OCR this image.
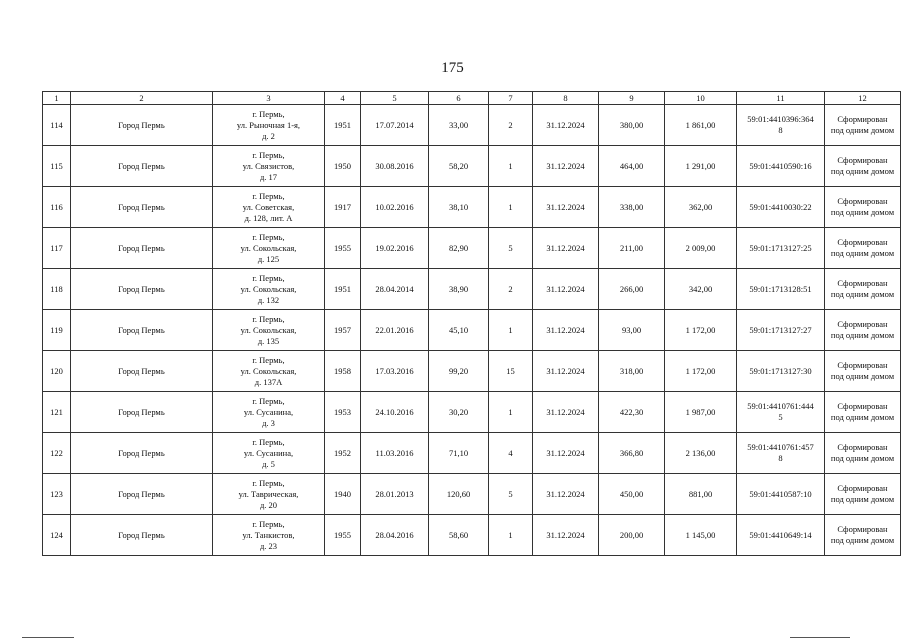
175
1	2	3	4	5	6	7	8	9	10	11	12
114	Город Пермь	г. Пермь,
ул. Рыночная 1-я,
д. 2	1951	17.07.2014	33,00	2	31.12.2024	380,00	1 861,00	59:01:4410396:364
8	Сформирован
под одним домом

115	Город Пермь	г. Пермь,
ул. Связистов,
д. 17	1950	30.08.2016	58,20	1	31.12.2024	464,00	1 291,00	59:01:4410590:16	Сформирован
под одним домом

116	Город Пермь	г. Пермь,
ул. Советская,
д. 128, лит. А	1917	10.02.2016	38,10	1	31.12.2024	338,00	362,00	59:01:4410030:22	Сформирован
под одним домом

117	Город Пермь	г. Пермь,
ул. Сокольская,
д. 125	1955	19.02.2016	82,90	5	31.12.2024	211,00	2 009,00	59:01:1713127:25	Сформирован
под одним домом

118	Город Пермь	г. Пермь,
ул. Сокольская,
д. 132	1951	28.04.2014	38,90	2	31.12.2024	266,00	342,00	59:01:1713128:51	Сформирован
под одним домом

119	Город Пермь	г. Пермь,
ул. Сокольская,
д. 135	1957	22.01.2016	45,10	1	31.12.2024	93,00	1 172,00	59:01:1713127:27	Сформирован
под одним домом

120	Город Пермь	г. Пермь,
ул. Сокольская,
д. 137А	1958	17.03.2016	99,20	15	31.12.2024	318,00	1 172,00	59:01:1713127:30	Сформирован
под одним домом

121	Город Пермь	г. Пермь,
ул. Сусанина,
д. 3	1953	24.10.2016	30,20	1	31.12.2024	422,30	1 987,00	59:01:4410761:444
5	Сформирован
под одним домом

122	Город Пермь	г. Пермь,
ул. Сусанина,
д. 5	1952	11.03.2016	71,10	4	31.12.2024	366,80	2 136,00	59:01:4410761:457
8	Сформирован
под одним домом

123	Город Пермь	г. Пермь,
ул. Таврическая,
д. 20	1940	28.01.2013	120,60	5	31.12.2024	450,00	881,00	59:01:4410587:10	Сформирован
под одним домом

124	Город Пермь	г. Пермь,
ул. Танкистов,
д. 23	1955	28.04.2016	58,60	1	31.12.2024	200,00	1 145,00	59:01:4410649:14	Сформирован
под одним домом
